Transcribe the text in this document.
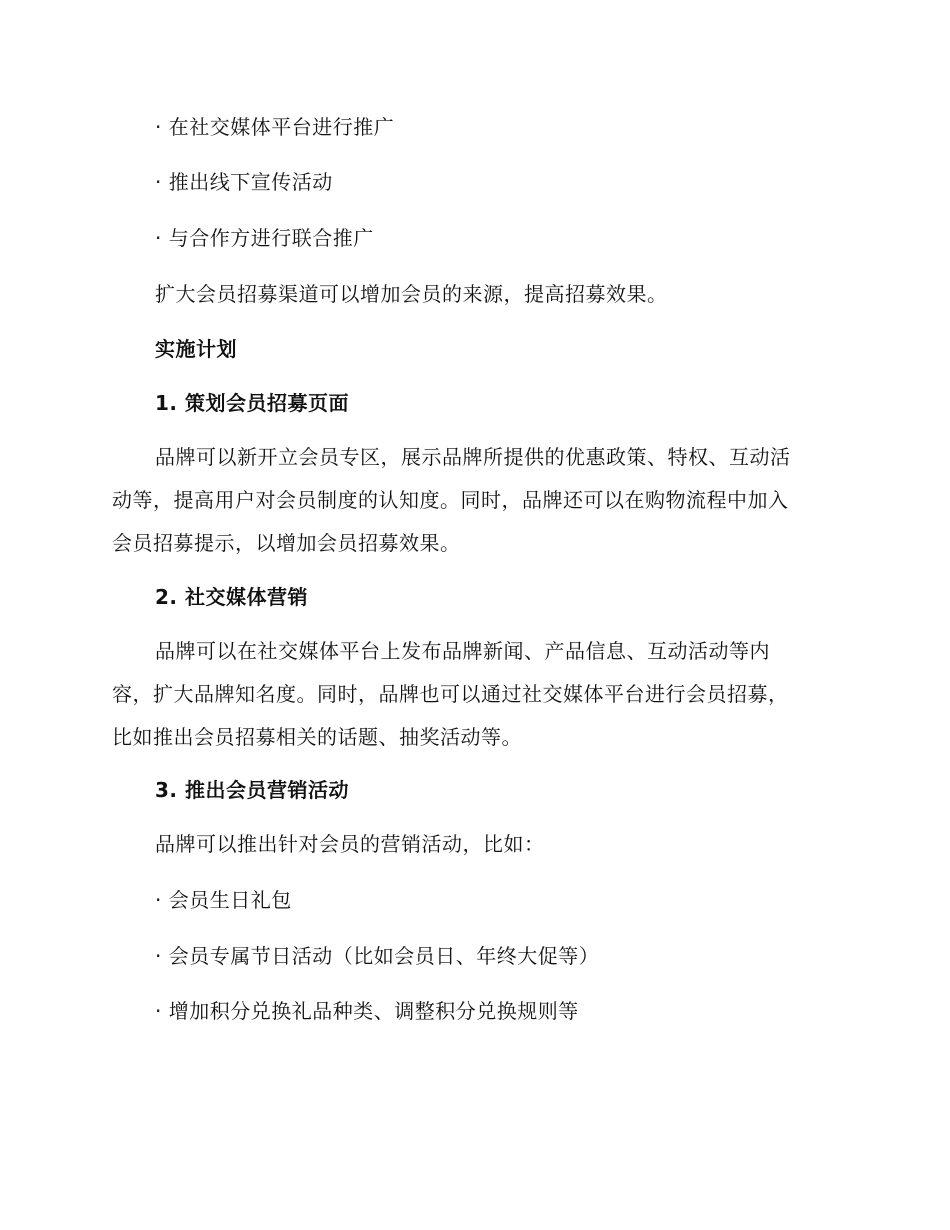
· 在社交媒体平台进行推广
· 推出线下宣传活动
· 与合作方进行联合推广
扩大会员招募渠道可以增加会员的来源，提高招募效果。
实施计划
1. 策划会员招募页面
品牌可以新开立会员专区，展示品牌所提供的优惠政策、特权、互动活
动等，提高用户对会员制度的认知度。同时，品牌还可以在购物流程中加入
会员招募提示，以增加会员招募效果。
2. 社交媒体营销
品牌可以在社交媒体平台上发布品牌新闻、产品信息、互动活动等内
容，扩大品牌知名度。同时，品牌也可以通过社交媒体平台进行会员招募，
比如推出会员招募相关的话题、抽奖活动等。
3. 推出会员营销活动
品牌可以推出针对会员的营销活动，比如：
· 会员生日礼包
· 会员专属节日活动（比如会员日、年终大促等）
· 增加积分兑换礼品种类、调整积分兑换规则等
